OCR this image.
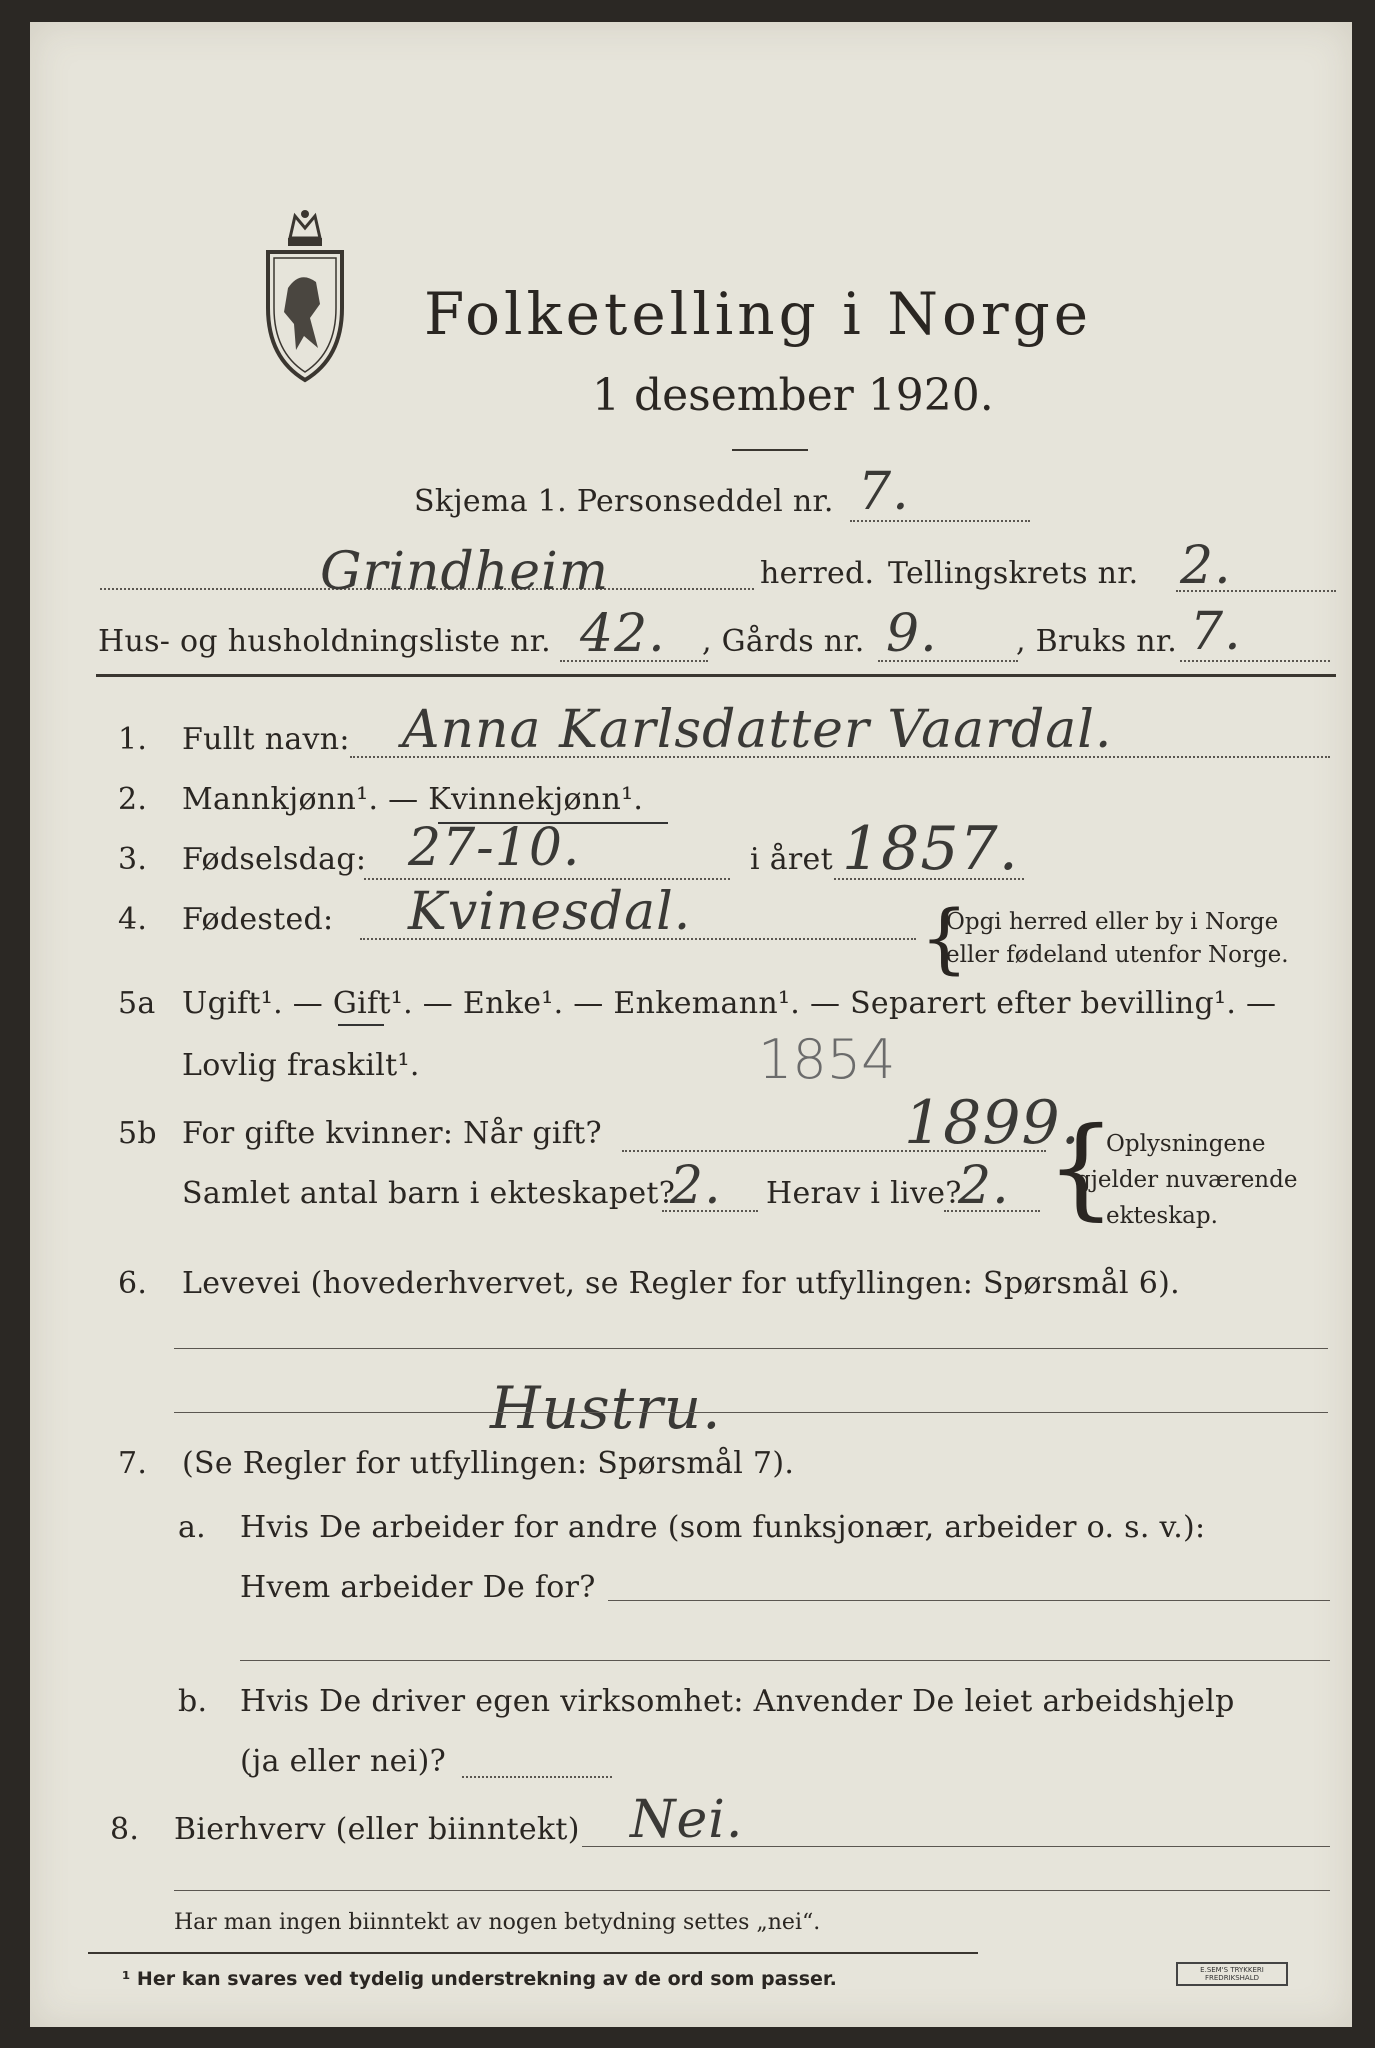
Folketelling i Norge
1 desember 1920.
Skjema 1. Personseddel nr. 7.
Grindheim	herred. Tellingskrets nr. 2.
Hus- og husholdningsliste nr. 42. , Gårds nr. 9.	, Bruks nr. 7.
1. Fullt navn: Anna Karlsdatter Vaardal.
2. Mannkjønn¹. — Kvinnekjønn¹.
3. Fødselsdag: 27-10.	i året 1857.
4. Fødested: Kvinesdal.	{
Opgi herred eller by i Norge
eller fødeland utenfor Norge.
5a Ugift¹. — Gift¹. — Enke¹. — Enkemann¹. — Separert efter bevilling¹. —
Lovlig fraskilt¹.	1854
5b For gifte kvinner: Når gift?	1899.
Samlet antal barn i ekteskapet?
2. Herav i live?
2. {
Oplysningene
gjelder nuværende
ekteskap.
6. Levevei (hovederhvervet, se Regler for utfyllingen: Spørsmål 6).
Hustru.
7. (Se Regler for utfyllingen: Spørsmål 7).
a. Hvis De arbeider for andre (som funksjonær, arbeider o. s. v.):
Hvem arbeider De for?
b. Hvis De driver egen virksomhet: Anvender De leiet arbeidshjelp
(ja eller nei)?
8. Bierhverv (eller biinntekt) Nei.
Har man ingen biinntekt av nogen betydning settes „nei“.
¹ Her kan svares ved tydelig understrekning av de ord som passer.	E.SEM'S TRYKKERI
FREDRIKSHALD
